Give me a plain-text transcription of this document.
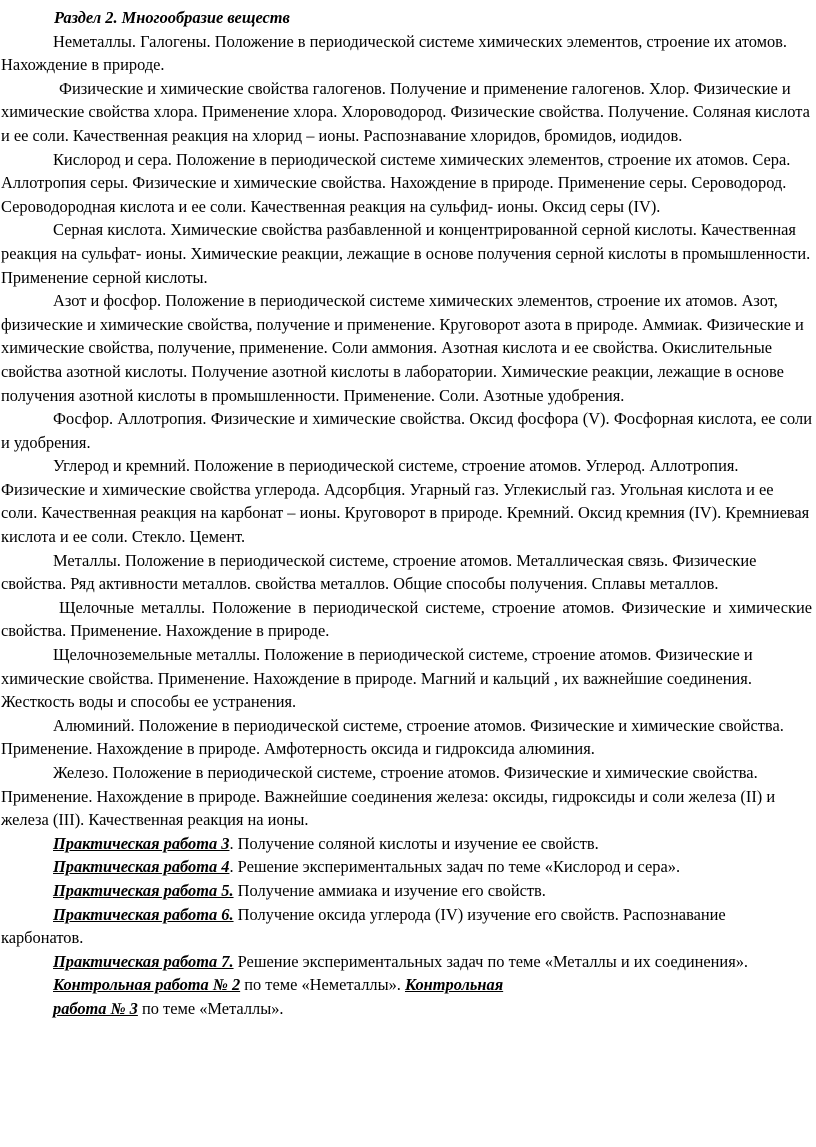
Раздел 2. Многообразие веществ

Неметаллы. Галогены. Положение в периодической системе химических элементов, строение их атомов. Нахождение в природе.

Физические и химические свойства галогенов. Получение и применение галогенов. Хлор. Физические и химические свойства хлора. Применение хлора. Хлороводород. Физические свойства. Получение. Соляная кислота и ее соли. Качественная реакция на хлорид – ионы. Распознавание хлоридов, бромидов, иодидов.

Кислород и сера. Положение в периодической системе химических элементов, строение их атомов. Сера. Аллотропия серы. Физические и химические свойства. Нахождение в природе. Применение серы. Сероводород. Сероводородная кислота и ее соли. Качественная реакция на сульфид- ионы. Оксид серы (IV).

Серная кислота. Химические свойства разбавленной и концентрированной серной кислоты. Качественная реакция на сульфат- ионы. Химические реакции, лежащие в основе получения серной кислоты в промышленности. Применение серной кислоты.

Азот и фосфор. Положение в периодической системе химических элементов, строение их атомов. Азот, физические и химические свойства, получение и применение. Круговорот азота в природе. Аммиак. Физические и химические свойства, получение, применение. Соли аммония. Азотная кислота и ее свойства. Окислительные свойства азотной кислоты. Получение азотной кислоты в лаборатории. Химические реакции, лежащие в основе получения азотной кислоты в промышленности. Применение. Соли. Азотные удобрения.

Фосфор. Аллотропия. Физические и химические свойства. Оксид фосфора (V). Фосфорная кислота, ее соли и удобрения.

Углерод и кремний. Положение в периодической системе, строение атомов. Углерод. Аллотропия. Физические и химические свойства углерода. Адсорбция. Угарный газ. Углекислый газ. Угольная кислота и ее соли. Качественная реакция на карбонат – ионы. Круговорот в природе. Кремний. Оксид кремния (IV). Кремниевая кислота и ее соли. Стекло. Цемент.

Металлы. Положение в периодической системе, строение атомов. Металлическая связь. Физические свойства. Ряд активности металлов. свойства металлов. Общие способы получения. Сплавы металлов.

Щелочные металлы. Положение в периодической системе, строение атомов. Физические и химические свойства. Применение. Нахождение в природе.

Щелочноземельные металлы. Положение в периодической системе, строение атомов. Физические и химические свойства. Применение. Нахождение в природе. Магний и кальций , их важнейшие соединения. Жесткость воды и способы ее устранения.

Алюминий. Положение в периодической системе, строение атомов. Физические и химические свойства. Применение. Нахождение в природе. Амфотерность оксида и гидроксида алюминия.

Железо. Положение в периодической системе, строение атомов. Физические и химические свойства. Применение. Нахождение в природе. Важнейшие соединения железа: оксиды, гидроксиды и соли железа (II) и железа (III). Качественная реакция на ионы.

Практическая работа 3. Получение соляной кислоты и изучение ее свойств.

Практическая работа 4. Решение экспериментальных задач по теме «Кислород и сера».

Практическая работа 5. Получение аммиака и изучение его свойств.

Практическая работа 6. Получение оксида углерода (IV) изучение его свойств. Распознавание карбонатов.

Практическая работа 7. Решение экспериментальных задач по теме «Металлы и их соединения».

Контрольная работа № 2 по теме «Неметаллы». Контрольная

работа № 3 по теме «Металлы».
